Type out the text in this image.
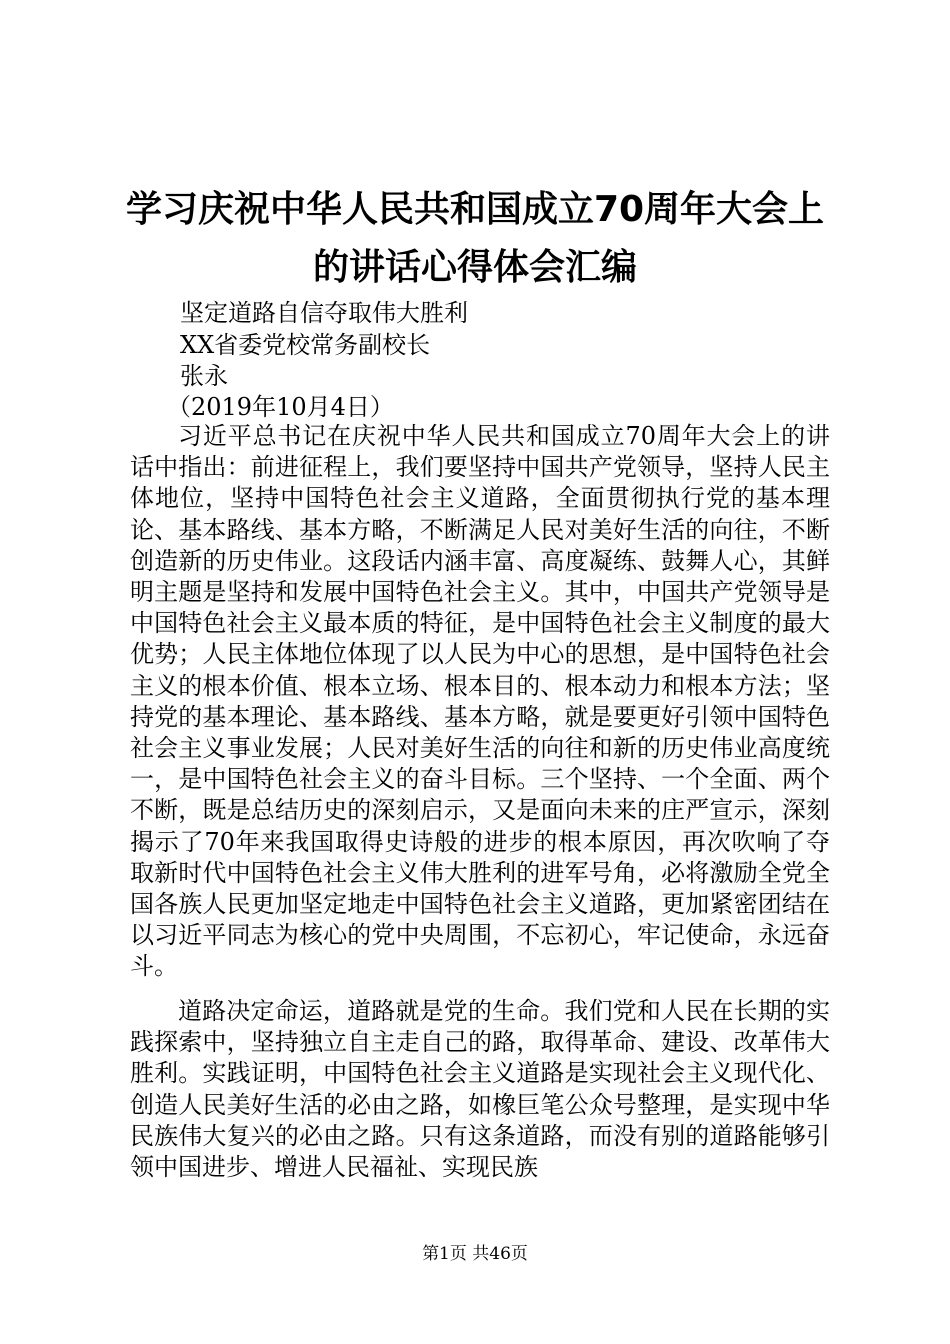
学习庆祝中华人民共和国成立70周年大会上
的讲话心得体会汇编
坚定道路自信夺取伟大胜利
XX省委党校常务副校长
张永
（2019年10月4日）

习近平总书记在庆祝中华人民共和国成立70周年大会上的讲话中指出：前进征程上，我们要坚持中国共产党领导，坚持人民主体地位，坚持中国特色社会主义道路，全面贯彻执行党的基本理论、基本路线、基本方略，不断满足人民对美好生活的向往，不断创造新的历史伟业。这段话内涵丰富、高度凝练、鼓舞人心，其鲜明主题是坚持和发展中国特色社会主义。其中，中国共产党领导是中国特色社会主义最本质的特征，是中国特色社会主义制度的最大优势；人民主体地位体现了以人民为中心的思想，是中国特色社会主义的根本价值、根本立场、根本目的、根本动力和根本方法；坚持党的基本理论、基本路线、基本方略，就是要更好引领中国特色社会主义事业发展；人民对美好生活的向往和新的历史伟业高度统一，是中国特色社会主义的奋斗目标。三个坚持、一个全面、两个不断，既是总结历史的深刻启示，又是面向未来的庄严宣示，深刻揭示了70年来我国取得史诗般的进步的根本原因，再次吹响了夺取新时代中国特色社会主义伟大胜利的进军号角，必将激励全党全国各族人民更加坚定地走中国特色社会主义道路，更加紧密团结在以习近平同志为核心的党中央周围，不忘初心，牢记使命，永远奋斗。

道路决定命运，道路就是党的生命。我们党和人民在长期的实践探索中，坚持独立自主走自己的路，取得革命、建设、改革伟大胜利。实践证明，中国特色社会主义道路是实现社会主义现代化、创造人民美好生活的必由之路，如橡巨笔公众号整理，是实现中华民族伟大复兴的必由之路。只有这条道路，而没有别的道路能够引领中国进步、增进人民福祉、实现民族

第1页 共46页
